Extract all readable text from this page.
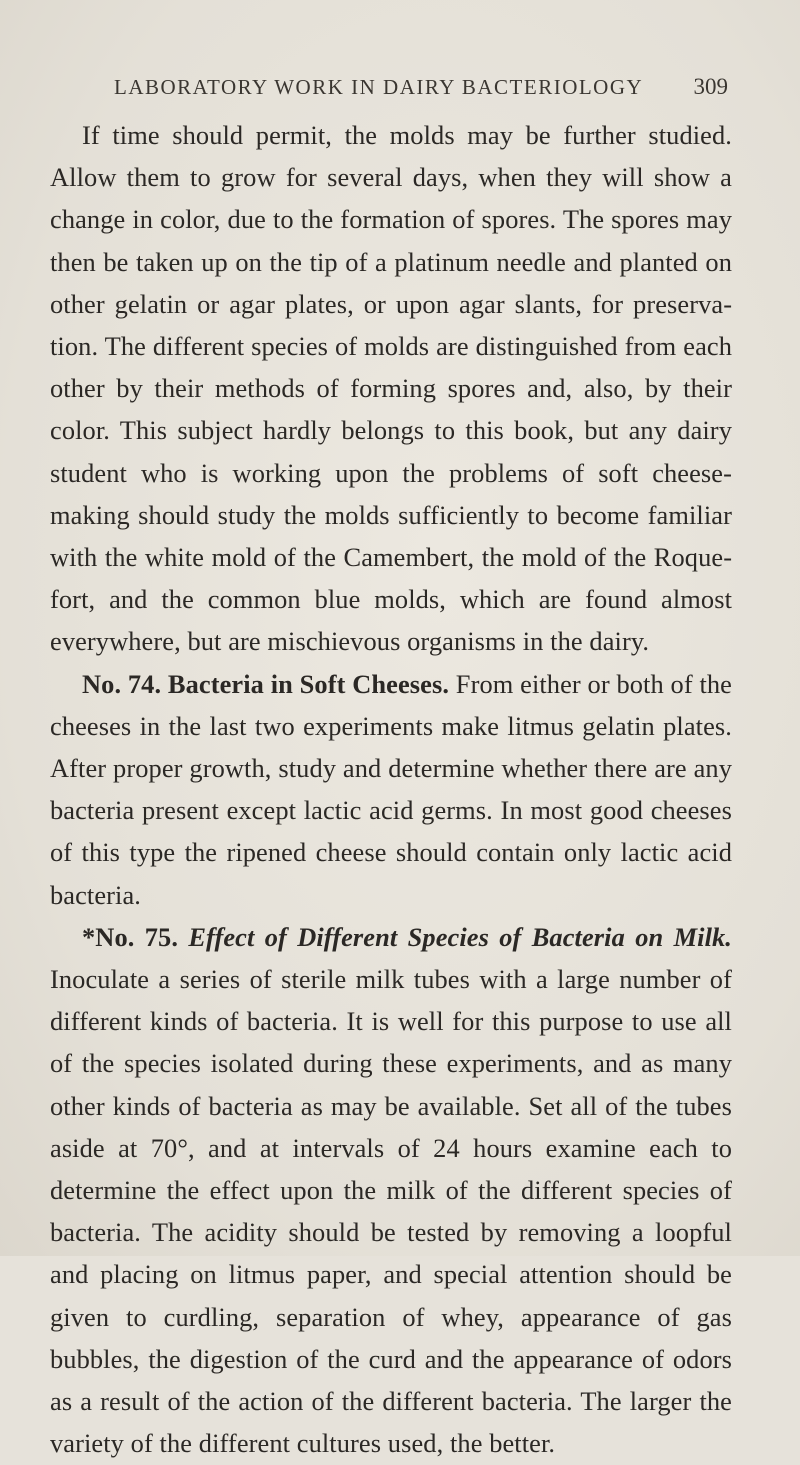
LABORATORY WORK IN DAIRY BACTERIOLOGY 309

If time should permit, the molds may be further studied. Allow them to grow for several days, when they will show a change in color, due to the formation of spores. The spores may then be taken up on the tip of a platinum needle and planted on other gelatin or agar plates, or upon agar slants, for preservation. The different species of molds are distinguished from each other by their methods of forming spores and, also, by their color. This subject hardly belongs to this book, but any dairy student who is working upon the problems of soft cheese-making should study the molds sufficiently to become familiar with the white mold of the Camembert, the mold of the Roquefort, and the common blue molds, which are found almost everywhere, but are mischievous organisms in the dairy.

No. 74. Bacteria in Soft Cheeses. From either or both of the cheeses in the last two experiments make litmus gelatin plates. After proper growth, study and determine whether there are any bacteria present except lactic acid germs. In most good cheeses of this type the ripened cheese should contain only lactic acid bacteria.

*No. 75. Effect of Different Species of Bacteria on Milk. Inoculate a series of sterile milk tubes with a large number of different kinds of bacteria. It is well for this purpose to use all of the species isolated during these experiments, and as many other kinds of bacteria as may be available. Set all of the tubes aside at 70°, and at intervals of 24 hours examine each to determine the effect upon the milk of the different species of bacteria. The acidity should be tested by removing a loopful and placing on litmus paper, and special attention should be given to curdling, separation of whey, appearance of gas bubbles, the digestion of the curd and the appearance of odors as a result of the action of the different bacteria. The larger the variety of the different cultures used, the better.
